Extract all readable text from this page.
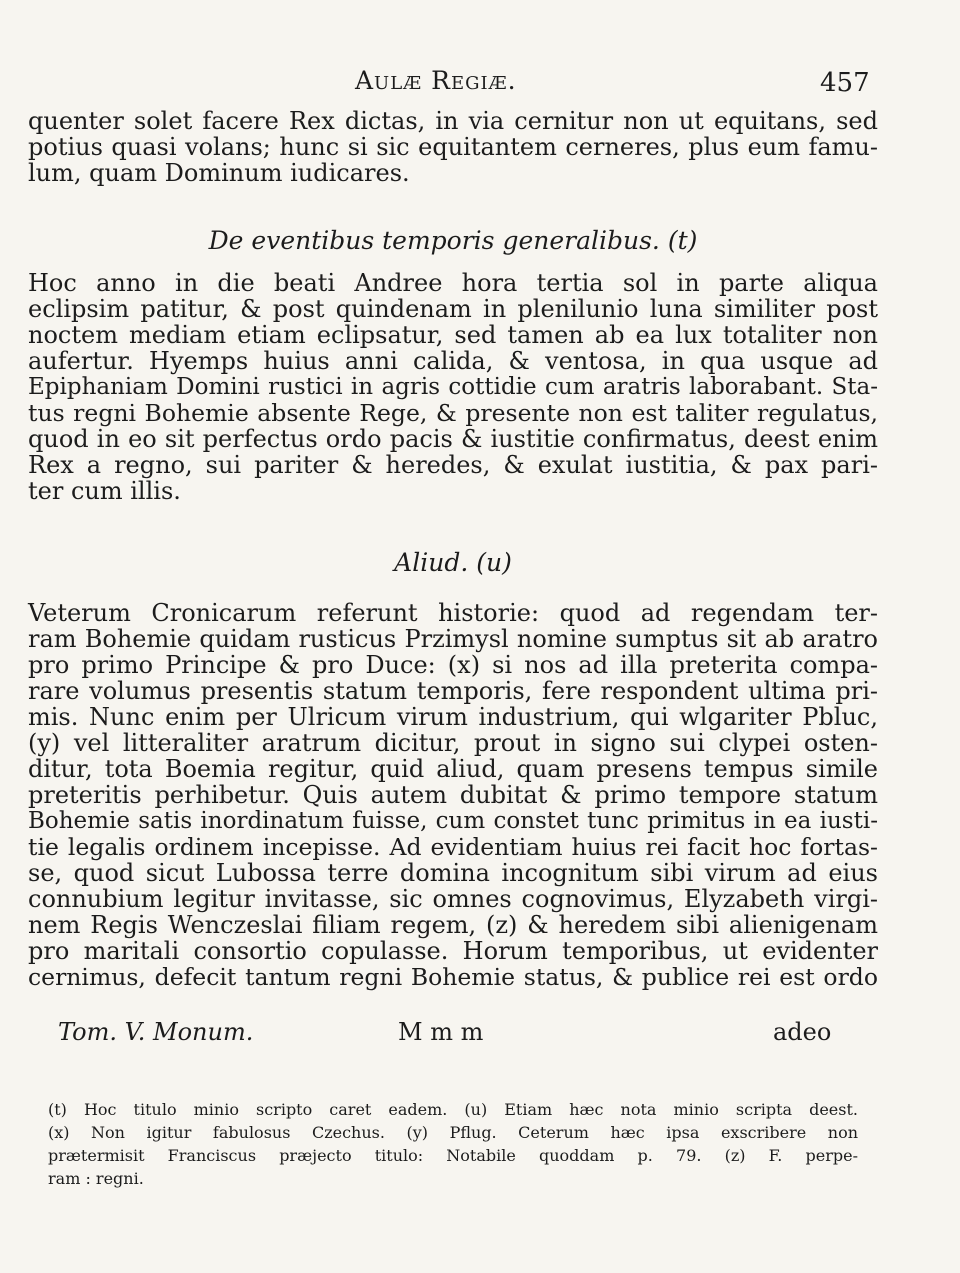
Aulæ Regiæ.	457
quenter solet facere Rex dictas, in via cernitur non ut equitans, sed
potius quasi volans; hunc si sic equitantem cerneres, plus eum famu-
lum, quam Dominum iudicares.
De eventibus temporis generalibus. (t)
Hoc anno in die beati Andree hora tertia sol in parte aliqua
eclipsim patitur, & post quindenam in plenilunio luna similiter post
noctem mediam etiam eclipsatur, sed tamen ab ea lux totaliter non
aufertur. Hyemps huius anni calida, & ventosa, in qua usque ad
Epiphaniam Domini rustici in agris cottidie cum aratris laborabant. Sta-
tus regni Bohemie absente Rege, & presente non est taliter regulatus,
quod in eo sit perfectus ordo pacis & iustitie confirmatus, deest enim
Rex a regno, sui pariter & heredes, & exulat iustitia, & pax pari-
ter cum illis.
Aliud. (u)
Veterum Cronicarum referunt historie: quod ad regendam ter-
ram Bohemie quidam rusticus Przimysl nomine sumptus sit ab aratro
pro primo Principe & pro Duce: (x) si nos ad illa preterita compa-
rare volumus presentis statum temporis, fere respondent ultima pri-
mis. Nunc enim per Ulricum virum industrium, qui wlgariter Pbluc,
(y) vel litteraliter aratrum dicitur, prout in signo sui clypei osten-
ditur, tota Boemia regitur, quid aliud, quam presens tempus simile
preteritis perhibetur. Quis autem dubitat & primo tempore statum
Bohemie satis inordinatum fuisse, cum constet tunc primitus in ea iusti-
tie legalis ordinem incepisse. Ad evidentiam huius rei facit hoc fortas-
se, quod sicut Lubossa terre domina incognitum sibi virum ad eius
connubium legitur invitasse, sic omnes cognovimus, Elyzabeth virgi-
nem Regis Wenczeslai filiam regem, (z) & heredem sibi alienigenam
pro maritali consortio copulasse. Horum temporibus, ut evidenter
cernimus, defecit tantum regni Bohemie status, & publice rei est ordo
Tom. V. Monum.	M m m	adeo
(t) Hoc titulo minio scripto caret eadem. (u) Etiam hæc nota minio scripta deest.
(x) Non igitur fabulosus Czechus. (y) Pflug. Ceterum hæc ipsa exscribere non
prætermisit Franciscus præjecto titulo: Notabile quoddam p. 79. (z) F. perpe-
ram : regni.
